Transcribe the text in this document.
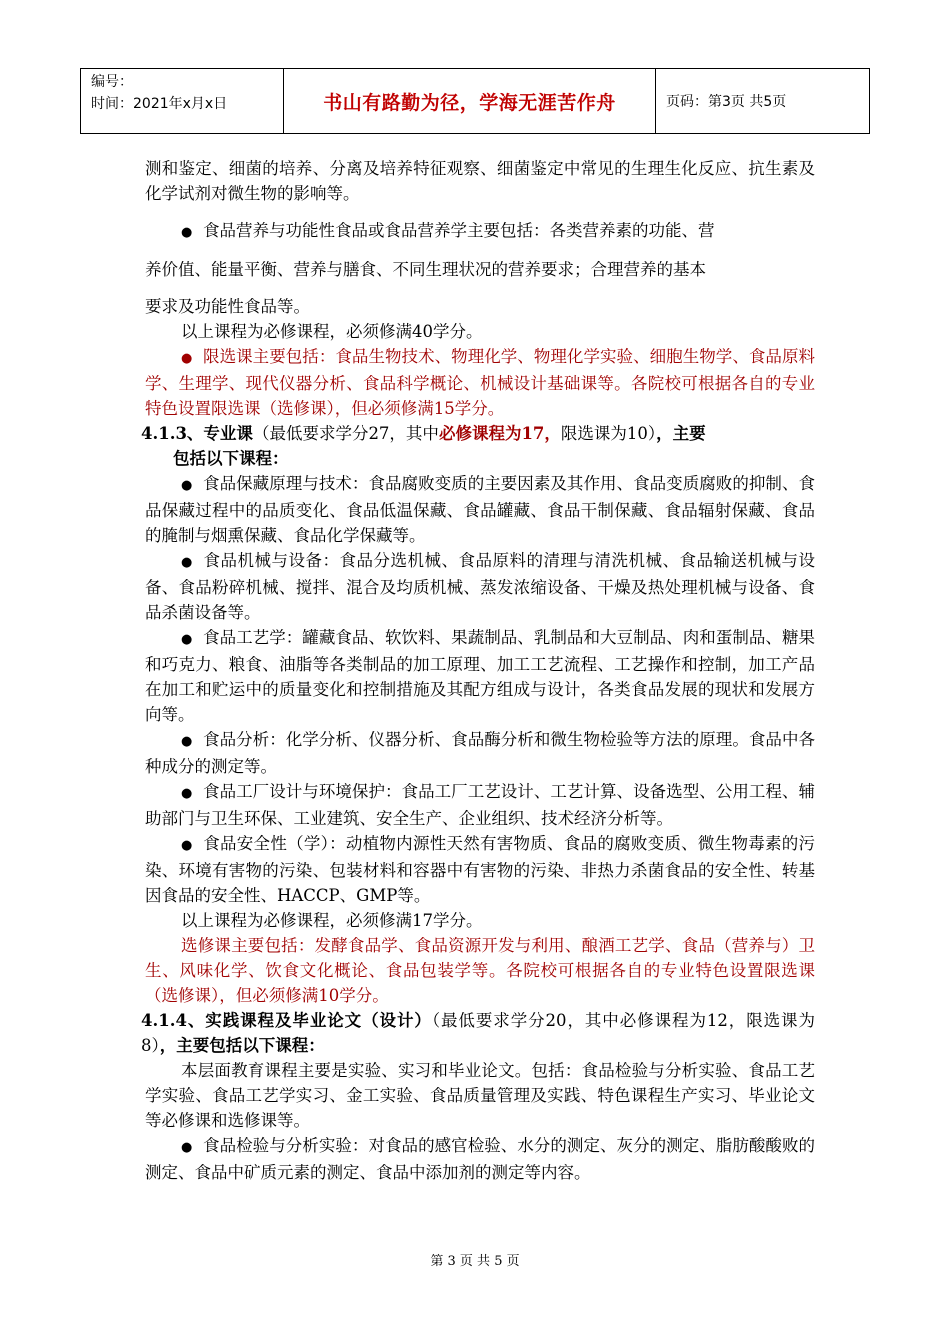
编号：
时间：2021年x月x日	书山有路勤为径，学海无涯苦作舟	页码：第3页 共5页

测和鉴定、细菌的培养、分离及培养特征观察、细菌鉴定中常见的生理生化反应、抗生素及化学试剂对微生物的影响等。

● 食品营养与功能性食品或食品营养学主要包括：各类营养素的功能、营

养价值、能量平衡、营养与膳食、不同生理状况的营养要求；合理营养的基本

要求及功能性食品等。

以上课程为必修课程，必须修满40学分。

● 限选课主要包括：食品生物技术、物理化学、物理化学实验、细胞生物学、食品原料学、生理学、现代仪器分析、食品科学概论、机械设计基础课等。各院校可根据各自的专业特色设置限选课（选修课），但必须修满15学分。

4.1.3、专业课（最低要求学分27，其中必修课程为17，限选课为10），主要

包括以下课程：

● 食品保藏原理与技术：食品腐败变质的主要因素及其作用、食品变质腐败的抑制、食品保藏过程中的品质变化、食品低温保藏、食品罐藏、食品干制保藏、食品辐射保藏、食品的腌制与烟熏保藏、食品化学保藏等。

● 食品机械与设备：食品分选机械、食品原料的清理与清洗机械、食品输送机械与设备、食品粉碎机械、搅拌、混合及均质机械、蒸发浓缩设备、干燥及热处理机械与设备、食品杀菌设备等。

● 食品工艺学：罐藏食品、软饮料、果蔬制品、乳制品和大豆制品、肉和蛋制品、糖果和巧克力、粮食、油脂等各类制品的加工原理、加工工艺流程、工艺操作和控制，加工产品在加工和贮运中的质量变化和控制措施及其配方组成与设计，各类食品发展的现状和发展方向等。

● 食品分析：化学分析、仪器分析、食品酶分析和微生物检验等方法的原理。食品中各种成分的测定等。

● 食品工厂设计与环境保护：食品工厂工艺设计、工艺计算、设备选型、公用工程、辅助部门与卫生环保、工业建筑、安全生产、企业组织、技术经济分析等。

● 食品安全性（学）：动植物内源性天然有害物质、食品的腐败变质、微生物毒素的污染、环境有害物的污染、包装材料和容器中有害物的污染、非热力杀菌食品的安全性、转基因食品的安全性、HACCP、GMP等。

以上课程为必修课程，必须修满17学分。

选修课主要包括：发酵食品学、食品资源开发与利用、酿酒工艺学、食品（营养与）卫生、风味化学、饮食文化概论、食品包装学等。各院校可根据各自的专业特色设置限选课（选修课），但必须修满10学分。

4.1.4、实践课程及毕业论文（设计）（最低要求学分20，其中必修课程为12，限选课为8），主要包括以下课程：

本层面教育课程主要是实验、实习和毕业论文。包括：食品检验与分析实验、食品工艺学实验、食品工艺学实习、金工实验、食品质量管理及实践、特色课程生产实习、毕业论文等必修课和选修课等。

● 食品检验与分析实验：对食品的感官检验、水分的测定、灰分的测定、脂肪酸酸败的测定、食品中矿质元素的测定、食品中添加剂的测定等内容。

第 3 页 共 5 页
